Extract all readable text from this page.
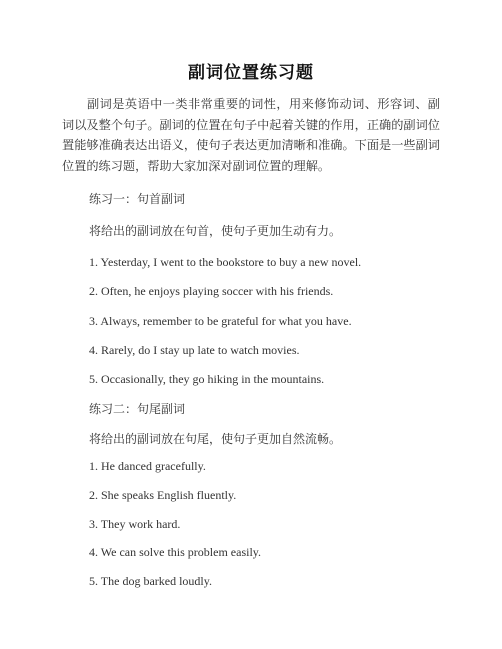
副词位置练习题
副词是英语中一类非常重要的词性，用来修饰动词、形容词、副词以及整个句子。副词的位置在句子中起着关键的作用，正确的副词位置能够准确表达出语义，使句子表达更加清晰和准确。下面是一些副词位置的练习题，帮助大家加深对副词位置的理解。
练习一：句首副词
将给出的副词放在句首，使句子更加生动有力。
1. Yesterday, I went to the bookstore to buy a new novel.
2. Often, he enjoys playing soccer with his friends.
3. Always, remember to be grateful for what you have.
4. Rarely, do I stay up late to watch movies.
5. Occasionally, they go hiking in the mountains.
练习二：句尾副词
将给出的副词放在句尾，使句子更加自然流畅。
1. He danced gracefully.
2. She speaks English fluently.
3. They work hard.
4. We can solve this problem easily.
5. The dog barked loudly.
